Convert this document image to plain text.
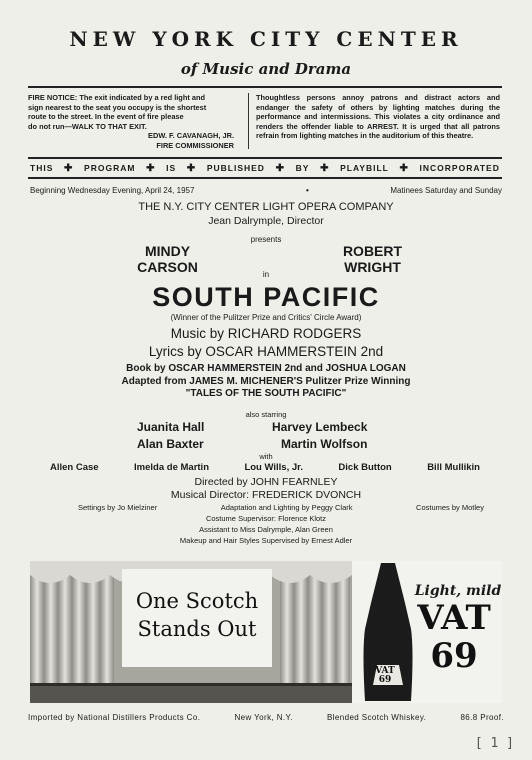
NEW YORK CITY CENTER
of Music and Drama
FIRE NOTICE: The exit indicated by a red light and
sign nearest to the seat you occupy is the shortest
route to the street. In the event of fire please
do not run—WALK TO THAT EXIT.
EDW. F. CAVANAGH, JR.
FIRE COMMISSIONER
Thoughtless persons annoy patrons and distract actors and endanger the safety of others by lighting matches during the performance and intermissions. This violates a city ordinance and renders the offender liable to ARREST. It is urged that all patrons refrain from lighting matches in the auditorium of this theatre.
THIS ✚ PROGRAM ✚ IS ✚ PUBLISHED ✚ BY ✚ PLAYBILL ✚ INCORPORATED
Beginning Wednesday Evening, April 24, 1957	•	Matinees Saturday and Sunday
THE N.Y. CITY CENTER LIGHT OPERA COMPANY
Jean Dalrymple, Director
presents
MINDY
CARSON	in
ROBERT
WRIGHT
SOUTH PACIFIC
(Winner of the Pulitzer Prize and Critics' Circle Award)
Music by RICHARD RODGERS
Lyrics by OSCAR HAMMERSTEIN 2nd
Book by OSCAR HAMMERSTEIN 2nd and JOSHUA LOGAN
Adapted from JAMES M. MICHENER'S Pulitzer Prize Winning
"TALES OF THE SOUTH PACIFIC"
also starring
Juanita Hall	Harvey Lembeck
Alan Baxter	Martin Wolfson
with
Allen Case	Imelda de Martin	Lou Wills, Jr.	Dick Button	Bill Mullikin
Directed by JOHN FEARNLEY
Musical Director: FREDERICK DVONCH
Settings by Jo Mielziner	Adaptation and Lighting by Peggy Clark	Costumes by Motley
Costume Supervisor: Florence Klotz
Assistant to Miss Dalrymple, Alan Green
Makeup and Hair Styles Supervised by Ernest Adler
One Scotch
Stands Out
VAT
69
Light, mild
VAT
69
Imported by National Distillers Products Co.	New York, N.Y.	Blended Scotch Whiskey.	86.8 Proof.
[ 1 ]
